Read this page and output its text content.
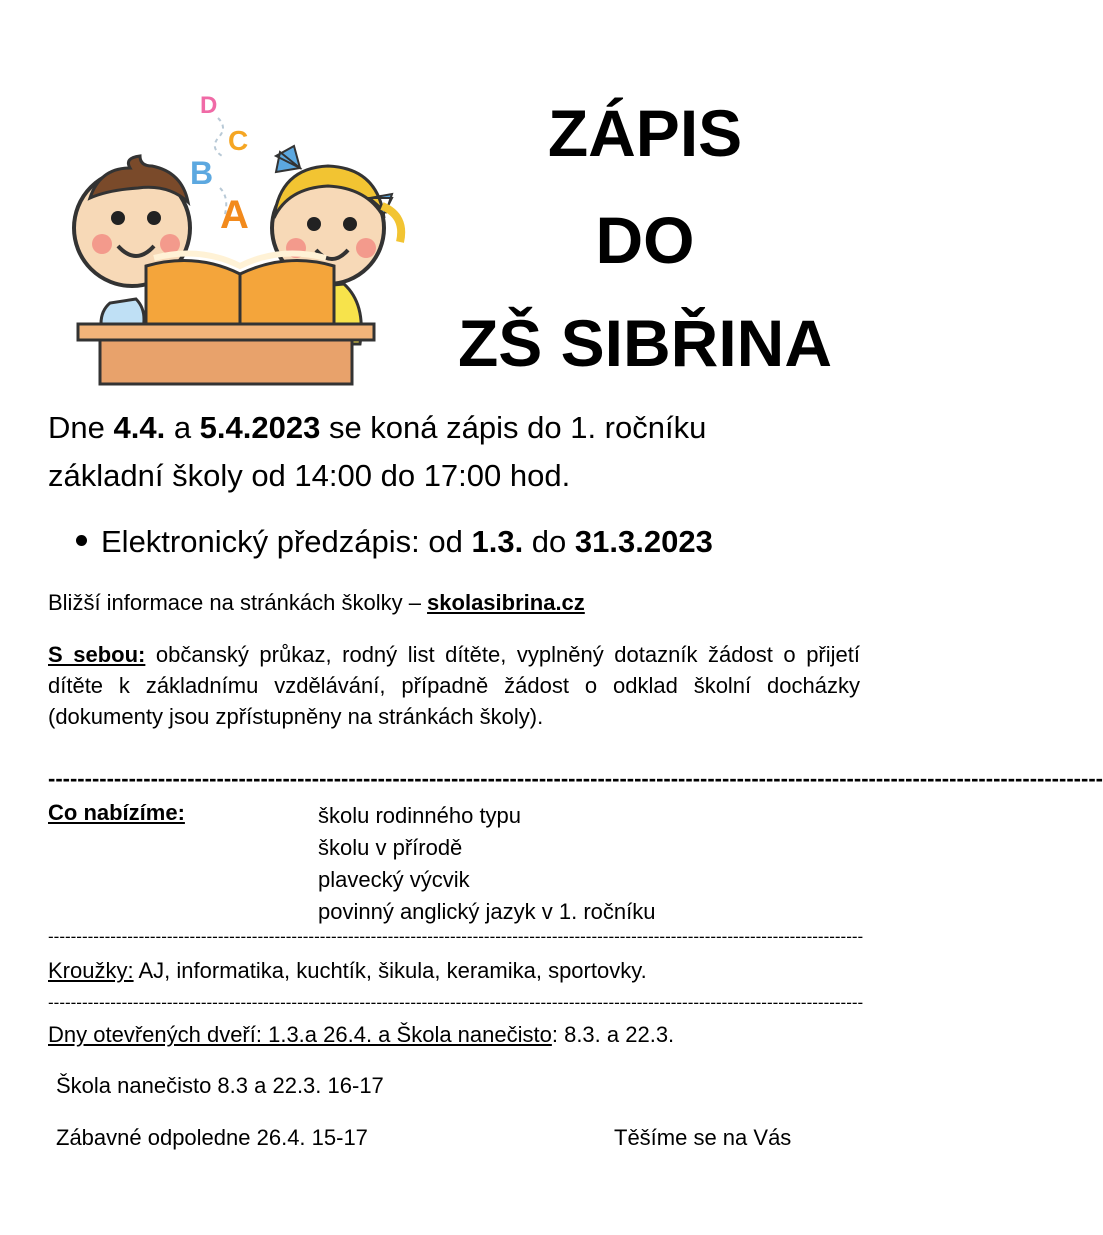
D
C
B
A
ZÁPIS
DO
ZŠ SIBŘINA
Dne 4.4. a 5.4.2023 se koná zápis do 1. ročníku
základní školy od 14:00 do 17:00 hod.
Elektronický předzápis: od 1.3. do 31.3.2023
Bližší informace na stránkách školky – skolasibrina.cz
S sebou: občanský průkaz, rodný list dítěte, vyplněný dotazník žádost o přijetí dítěte k základnímu vzdělávání, případně žádost o odklad školní docházky (dokumenty jsou zpřístupněny na stránkách školy).
------------------------------------------------------------------------------------------------------------------------------------------------
Co nabízíme:	školu rodinného typu
školu v přírodě
plavecký výcvik
povinný anglický jazyk v 1. ročníku
------------------------------------------------------------------------------------------------------------------------------------------------
Kroužky: AJ, informatika, kuchtík, šikula, keramika, sportovky.
------------------------------------------------------------------------------------------------------------------------------------------------
Dny otevřených dveří: 1.3.a 26.4. a Škola nanečisto: 8.3. a 22.3.
Škola nanečisto 8.3 a 22.3. 16-17
Zábavné odpoledne 26.4. 15-17	Těšíme se na Vás
